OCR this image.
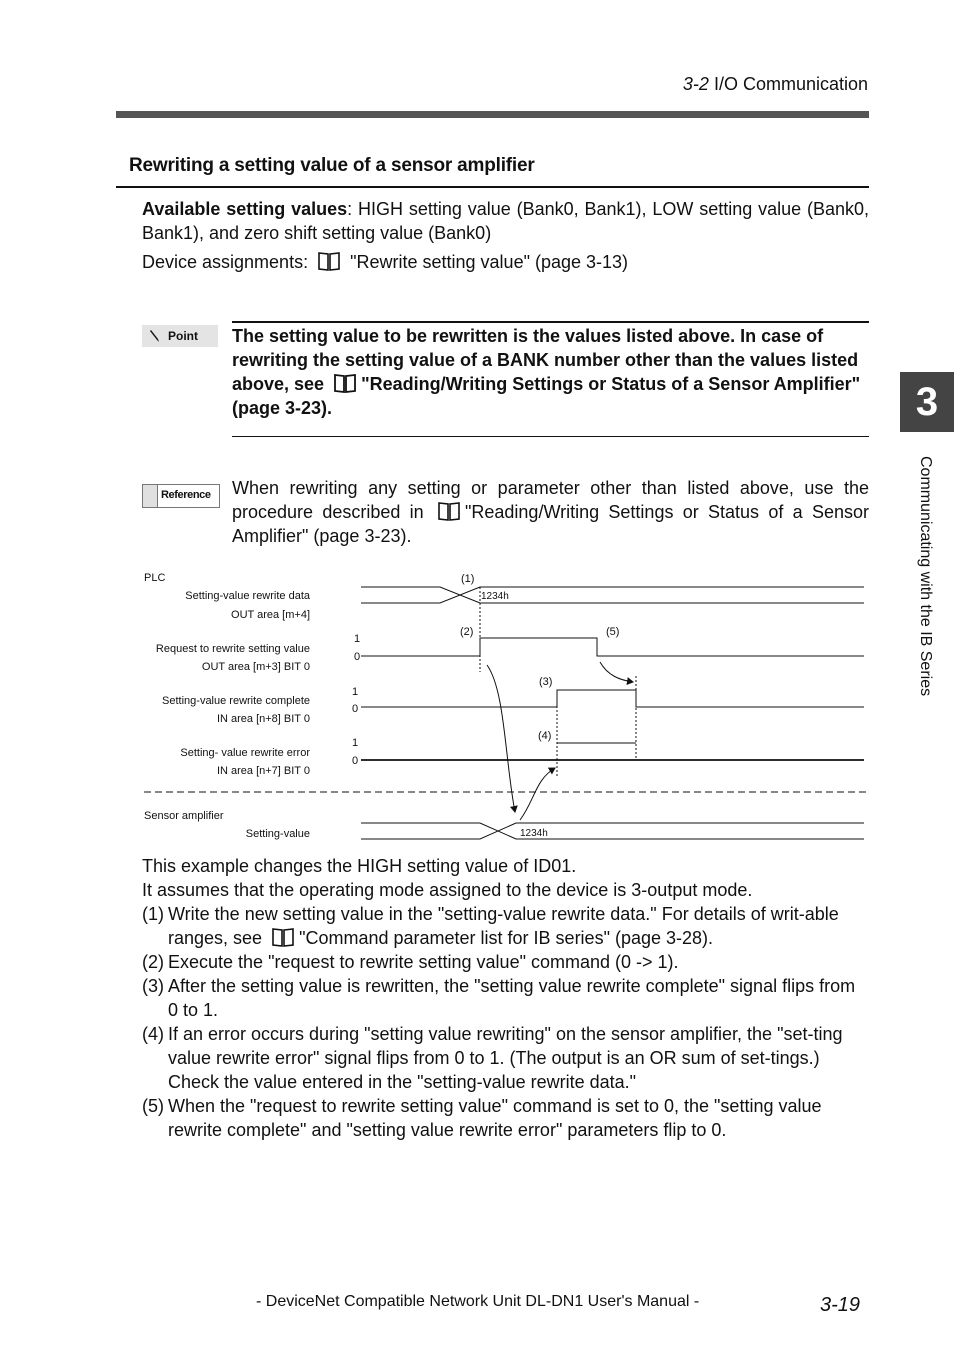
3-2 I/O Communication
Rewriting a setting value of a sensor amplifier
Available setting values: HIGH setting value (Bank0, Bank1), LOW setting value (Bank0, Bank1), and zero shift setting value (Bank0)
Device assignments: "Rewrite setting value" (page 3-13)
Point The setting value to be rewritten is the values listed above. In case of rewriting the setting value of a BANK number other than the values listed above, see "Reading/Writing Settings or Status of a Sensor Amplifier" (page 3-23).
Reference When rewriting any setting or parameter other than listed above, use the procedure described in "Reading/Writing Settings or Status of a Sensor Amplifier" (page 3-23).
PLC
Setting-value rewrite data
OUT area [m+4]
Request to rewrite setting value
OUT area [m+3] BIT 0
Setting-value rewrite complete
IN area [n+8] BIT 0
Setting- value rewrite error
IN area [n+7] BIT 0
Sensor amplifier
Setting-value
1
0
1
0
1
0
(1)
(2)
(3)
(4)
(5)
1234h
1234h
This example changes the HIGH setting value of ID01.
It assumes that the operating mode assigned to the device is 3-output mode.
(1) Write the new setting value in the "setting-value rewrite data." For details of writ-able ranges, see "Command parameter list for IB series" (page 3-28).
(2) Execute the "request to rewrite setting value" command (0 -> 1).
(3) After the setting value is rewritten, the "setting value rewrite complete" signal flips from 0 to 1.
(4) If an error occurs during "setting value rewriting" on the sensor amplifier, the "set-ting value rewrite error" signal flips from 0 to 1. (The output is an OR sum of set-tings.) Check the value entered in the "setting-value rewrite data."
(5) When the "request to rewrite setting value" command is set to 0, the "setting value rewrite complete" and "setting value rewrite error" parameters flip to 0.
3
Communicating with the IB Series
- DeviceNet Compatible Network Unit DL-DN1 User's Manual -	3-19
